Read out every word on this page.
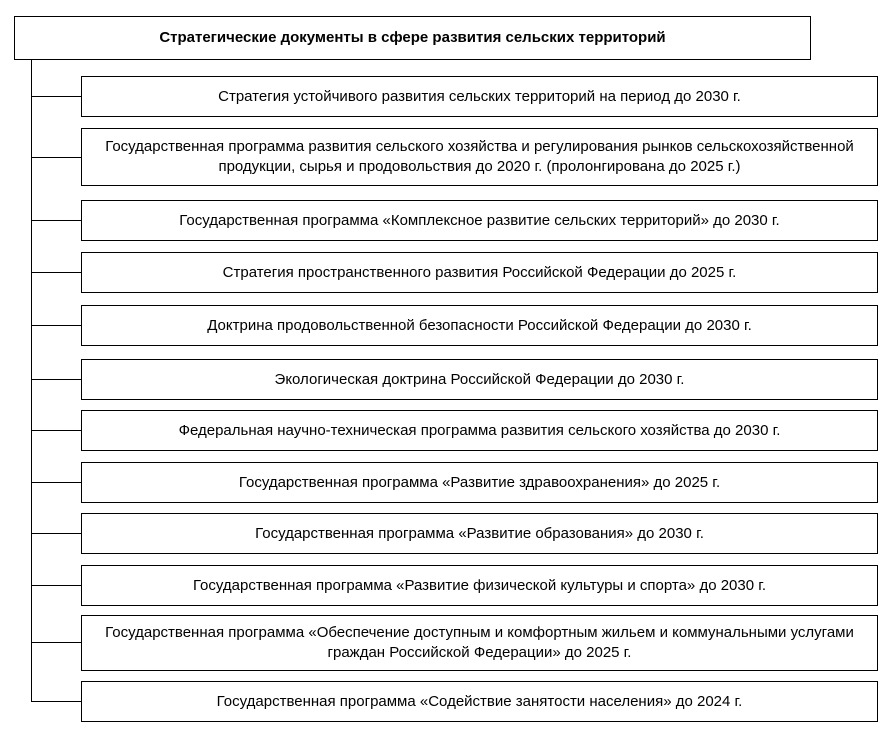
Стратегические документы в сфере развития сельских территорий
Стратегия устойчивого развития сельских территорий на период до 2030 г.
Государственная программа развития сельского хозяйства и регулирования рынков сельскохозяйственной продукции, сырья и продовольствия до 2020 г. (пролонгирована до 2025 г.)
Государственная программа «Комплексное развитие сельских территорий» до 2030 г.
Стратегия пространственного развития Российской Федерации до 2025 г.
Доктрина продовольственной безопасности Российской Федерации до 2030 г.
Экологическая доктрина Российской Федерации до 2030 г.
Федеральная научно-техническая программа развития сельского хозяйства до 2030 г.
Государственная программа «Развитие здравоохранения» до 2025 г.
Государственная программа «Развитие образования» до 2030 г.
Государственная программа «Развитие физической культуры и спорта» до 2030 г.
Государственная программа «Обеспечение доступным и комфортным жильем и коммунальными услугами граждан Российской Федерации» до 2025 г.
Государственная программа «Содействие занятости населения» до 2024 г.
